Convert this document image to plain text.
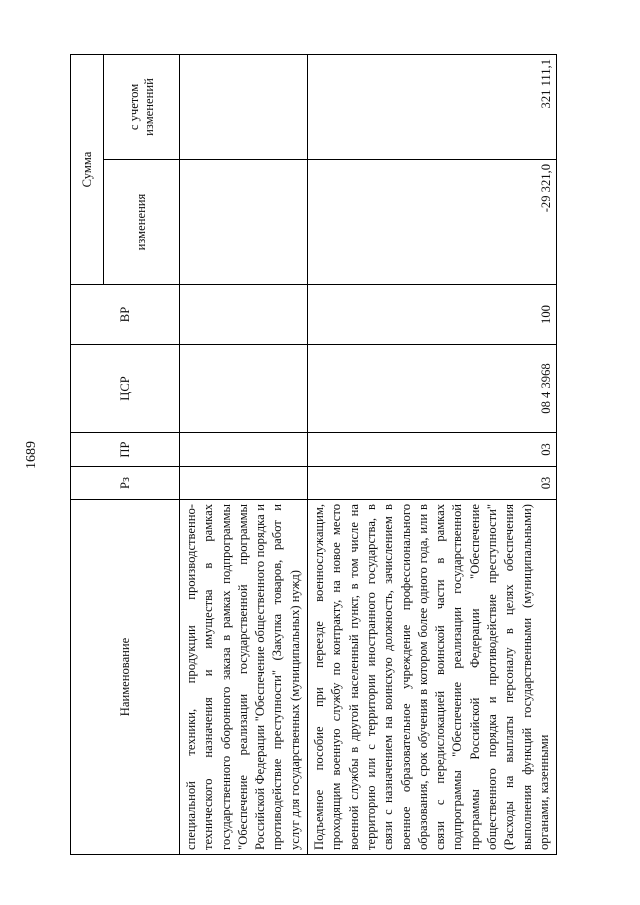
1689
Наименование	Рз	ПР	ЦСР	ВР	Сумма	
					изменения	с учетом изменений
специальной техники, продукции производственно-технического назначения и имущества в рамках государственного оборонного заказа в рамках подпрограммы "Обеспечение реализации государственной программы Российской Федерации "Обеспечение общественного порядка и противодействие преступности" (Закупка товаров, работ и услуг для государственных (муниципальных) нужд)						
Подъемное пособие при переезде военнослужащим, проходящим военную службу по контракту, на новое место военной службы в другой населенный пункт, в том числе на территорию или с территории иностранного государства, в связи с назначением на воинскую должность, зачислением в военное образовательное учреждение профессионального образования, срок обучения в котором более одного года, или в связи с передислокацией воинской части в рамках подпрограммы "Обеспечение реализации государственной программы Российской Федерации "Обеспечение общественного порядка и противодействие преступности" (Расходы на выплаты персоналу в целях обеспечения выполнения функций государственными (муниципальными) органами, казенными	03	03	08 4 3968	100	-29 321,0	321 111,1
